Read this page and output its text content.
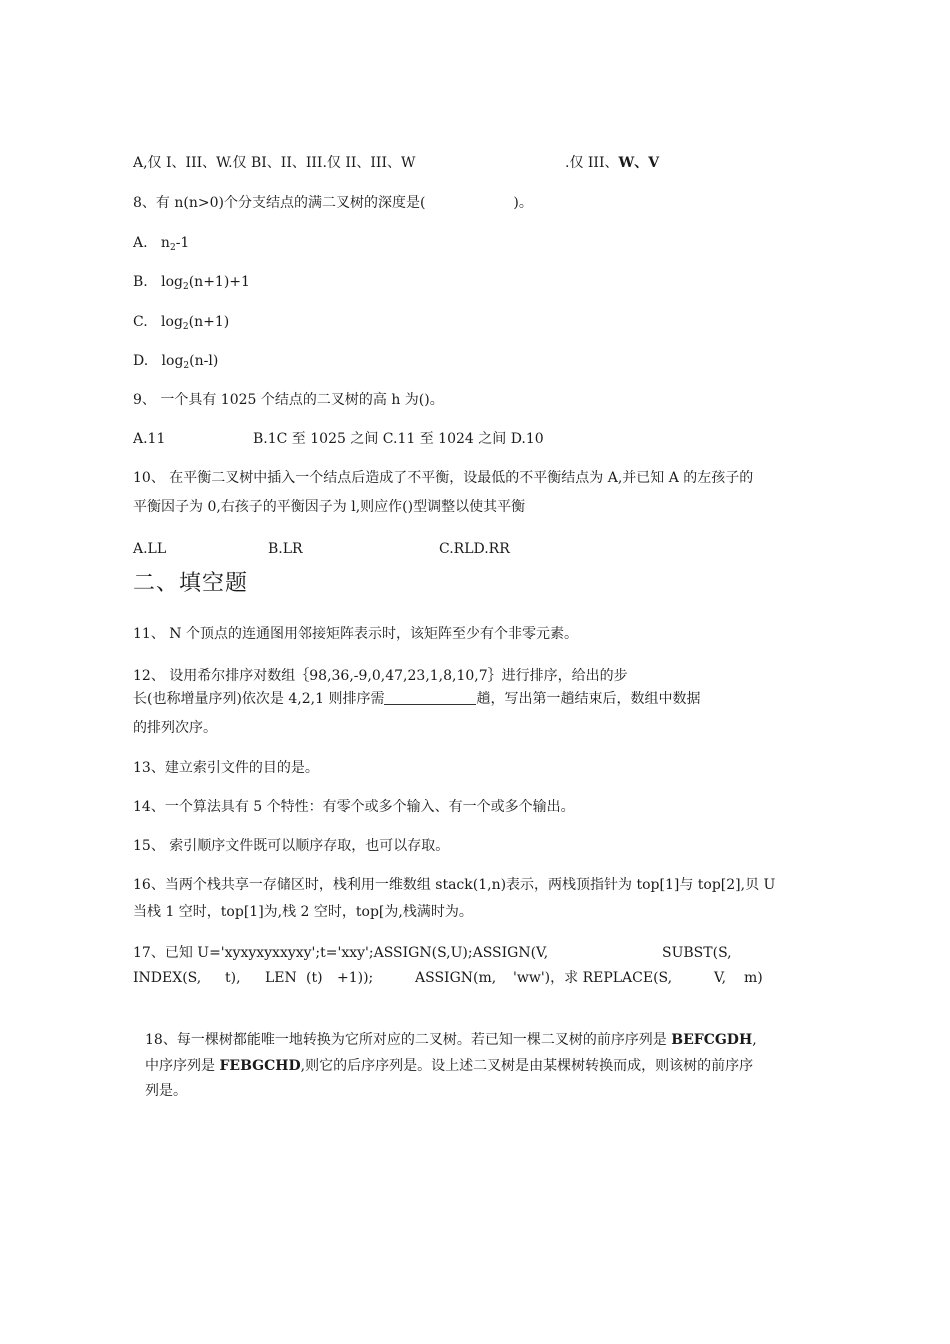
A,仅 I、III、W.仅 BI、II、III.仅 II、III、W	.仅 III、W、V
8、有 n(n>0)个分支结点的满二叉树的深度是(	)。
A. $n_2-1$
B. $\log_2(n+1)+1$
C. $\log_2(n+1)$
D. $\log_2(n-l)$
9、 一个具有 1025 个结点的二叉树的高 h 为()。
A.11	B.1C 至 1025 之间 C.11 至 1024 之间 D.10
10、 在平衡二叉树中插入一个结点后造成了不平衡，设最低的不平衡结点为 A,并已知 A 的左孩子的
平衡因子为 0,右孩子的平衡因子为 l,则应作()型调整以使其平衡
A.LL	B.LR	C.RLD.RR
二、填空题
11、 N 个顶点的连通图用邻接矩阵表示时，该矩阵至少有个非零元素。
12、 设用希尔排序对数组｛98,36,-9,0,47,23,1,8,10,7｝进行排序，给出的步
长(也称增量序列)依次是 4,2,1 则排序需	趟，写出第一趟结束后，数组中数据
的排列次序。
13、建立索引文件的目的是。
14、一个算法具有 5 个特性：有零个或多个输入、有一个或多个输出。
15、 索引顺序文件既可以顺序存取，也可以存取。
16、当两个栈共享一存储区时，栈利用一维数组 stack(1,n)表示，两栈顶指针为 top[1]与 top[2],贝 U
当栈 1 空时，top[1]为,栈 2 空时，top[为,栈满时为。
17、已知 U='xyxyxyxxyxy';t='xxy';ASSIGN(S,U);ASSIGN(V,	SUBST(S,
INDEX(S, t), LEN (t) +1));	ASSIGN(m, 'ww')，求 REPLACE(S,	V, m)
18、每一棵树都能唯一地转换为它所对应的二叉树。若已知一棵二叉树的前序序列是 BEFCGDH,
中序序列是 FEBGCHD,则它的后序序列是。设上述二叉树是由某棵树转换而成，则该树的前序序
列是。
